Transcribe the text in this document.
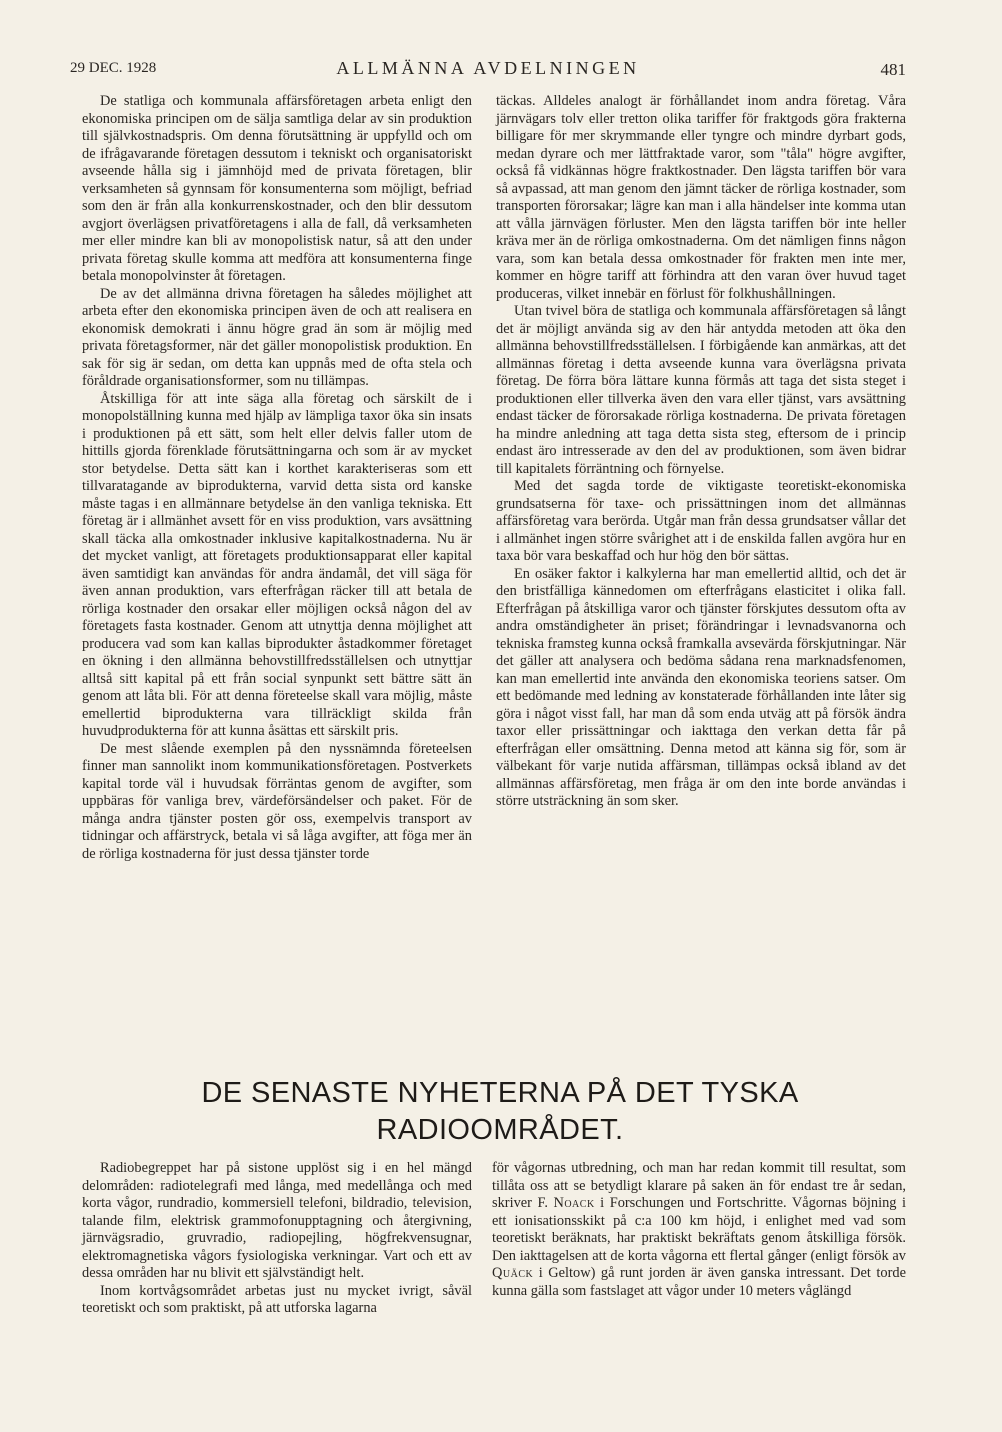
29 DEC. 1928	ALLMÄNNA AVDELNINGEN	481

De statliga och kommunala affärsföretagen arbeta enligt den ekonomiska principen om de sälja samtliga delar av sin produktion till självkostnadspris. Om denna förutsättning är uppfylld och om de ifrågavarande företagen dessutom i tekniskt och organisatoriskt avseende hålla sig i jämnhöjd med de privata företagen, blir verksamheten så gynnsam för konsumenterna som möjligt, befriad som den är från alla konkurrenskostnader, och den blir dessutom avgjort överlägsen privatföretagens i alla de fall, då verksamheten mer eller mindre kan bli av monopolistisk natur, så att den under privata företag skulle komma att medföra att konsumenterna finge betala monopolvinster åt företagen.

De av det allmänna drivna företagen ha således möjlighet att arbeta efter den ekonomiska principen även de och att realisera en ekonomisk demokrati i ännu högre grad än som är möjlig med privata företagsformer, när det gäller monopolistisk produktion. En sak för sig är sedan, om detta kan uppnås med de ofta stela och föråldrade organisationsformer, som nu tillämpas.

Åtskilliga för att inte säga alla företag och särskilt de i monopolställning kunna med hjälp av lämpliga taxor öka sin insats i produktionen på ett sätt, som helt eller delvis faller utom de hittills gjorda förenklade förutsättningarna och som är av mycket stor betydelse. Detta sätt kan i korthet karakteriseras som ett tillvaratagande av biprodukterna, varvid detta sista ord kanske måste tagas i en allmännare betydelse än den vanliga tekniska. Ett företag är i allmänhet avsett för en viss produktion, vars avsättning skall täcka alla omkostnader inklusive kapitalkostnaderna. Nu är det mycket vanligt, att företagets produktionsapparat eller kapital även samtidigt kan användas för andra ändamål, det vill säga för även annan produktion, vars efterfrågan räcker till att betala de rörliga kostnader den orsakar eller möjligen också någon del av företagets fasta kostnader. Genom att utnyttja denna möjlighet att producera vad som kan kallas biprodukter åstadkommer företaget en ökning i den allmänna behovstillfredsställelsen och utnyttjar alltså sitt kapital på ett från social synpunkt sett bättre sätt än genom att låta bli. För att denna företeelse skall vara möjlig, måste emellertid biprodukterna vara tillräckligt skilda från huvudprodukterna för att kunna åsättas ett särskilt pris.

De mest slående exemplen på den nyssnämnda företeelsen finner man sannolikt inom kommunikationsföretagen. Postverkets kapital torde väl i huvudsak förräntas genom de avgifter, som uppbäras för vanliga brev, värdeförsändelser och paket. För de många andra tjänster posten gör oss, exempelvis transport av tidningar och affärstryck, betala vi så låga avgifter, att föga mer än de rörliga kostnaderna för just dessa tjänster torde

täckas. Alldeles analogt är förhållandet inom andra företag. Våra järnvägars tolv eller tretton olika tariffer för fraktgods göra frakterna billigare för mer skrymmande eller tyngre och mindre dyrbart gods, medan dyrare och mer lättfraktade varor, som "tåla" högre avgifter, också få vidkännas högre fraktkostnader. Den lägsta tariffen bör vara så avpassad, att man genom den jämnt täcker de rörliga kostnader, som transporten förorsakar; lägre kan man i alla händelser inte komma utan att vålla järnvägen förluster. Men den lägsta tariffen bör inte heller kräva mer än de rörliga omkostnaderna. Om det nämligen finns någon vara, som kan betala dessa omkostnader för frakten men inte mer, kommer en högre tariff att förhindra att den varan över huvud taget produceras, vilket innebär en förlust för folkhushållningen.

Utan tvivel böra de statliga och kommunala affärsföretagen så långt det är möjligt använda sig av den här antydda metoden att öka den allmänna behovstillfredsställelsen. I förbigående kan anmärkas, att det allmännas företag i detta avseende kunna vara överlägsna privata företag. De förra böra lättare kunna förmås att taga det sista steget i produktionen eller tillverka även den vara eller tjänst, vars avsättning endast täcker de förorsakade rörliga kostnaderna. De privata företagen ha mindre anledning att taga detta sista steg, eftersom de i princip endast äro intresserade av den del av produktionen, som även bidrar till kapitalets förräntning och förnyelse.

Med det sagda torde de viktigaste teoretiskt-ekonomiska grundsatserna för taxe- och prissättningen inom det allmännas affärsföretag vara berörda. Utgår man från dessa grundsatser vållar det i allmänhet ingen större svårighet att i de enskilda fallen avgöra hur en taxa bör vara beskaffad och hur hög den bör sättas.

En osäker faktor i kalkylerna har man emellertid alltid, och det är den bristfälliga kännedomen om efterfrågans elasticitet i olika fall. Efterfrågan på åtskilliga varor och tjänster förskjutes dessutom ofta av andra omständigheter än priset; förändringar i levnadsvanorna och tekniska framsteg kunna också framkalla avsevärda förskjutningar. När det gäller att analysera och bedöma sådana rena marknadsfenomen, kan man emellertid inte använda den ekonomiska teoriens satser. Om ett bedömande med ledning av konstaterade förhållanden inte låter sig göra i något visst fall, har man då som enda utväg att på försök ändra taxor eller prissättningar och iakttaga den verkan detta får på efterfrågan eller omsättning. Denna metod att känna sig för, som är välbekant för varje nutida affärsman, tillämpas också ibland av det allmännas affärsföretag, men fråga är om den inte borde användas i större utsträckning än som sker.

DE SENASTE NYHETERNA PÅ DET TYSKA
RADIOOMRÅDET.

Radiobegreppet har på sistone upplöst sig i en hel mängd delområden: radiotelegrafi med långa, med medellånga och med korta vågor, rundradio, kommersiell telefoni, bildradio, television, talande film, elektrisk grammofonupptagning och återgivning, järnvägsradio, gruvradio, radiopejling, högfrekvensugnar, elektromagnetiska vågors fysiologiska verkningar. Vart och ett av dessa områden har nu blivit ett självständigt helt.

Inom kortvågsområdet arbetas just nu mycket ivrigt, såväl teoretiskt och som praktiskt, på att utforska lagarna

för vågornas utbredning, och man har redan kommit till resultat, som tillåta oss att se betydligt klarare på saken än för endast tre år sedan, skriver F. Noack i Forschungen und Fortschritte. Vågornas böjning i ett ionisationsskikt på c:a 100 km höjd, i enlighet med vad som teoretiskt beräknats, har praktiskt bekräftats genom åtskilliga försök. Den iakttagelsen att de korta vågorna ett flertal gånger (enligt försök av Quäck i Geltow) gå runt jorden är även ganska intressant. Det torde kunna gälla som fastslaget att vågor under 10 meters våglängd
